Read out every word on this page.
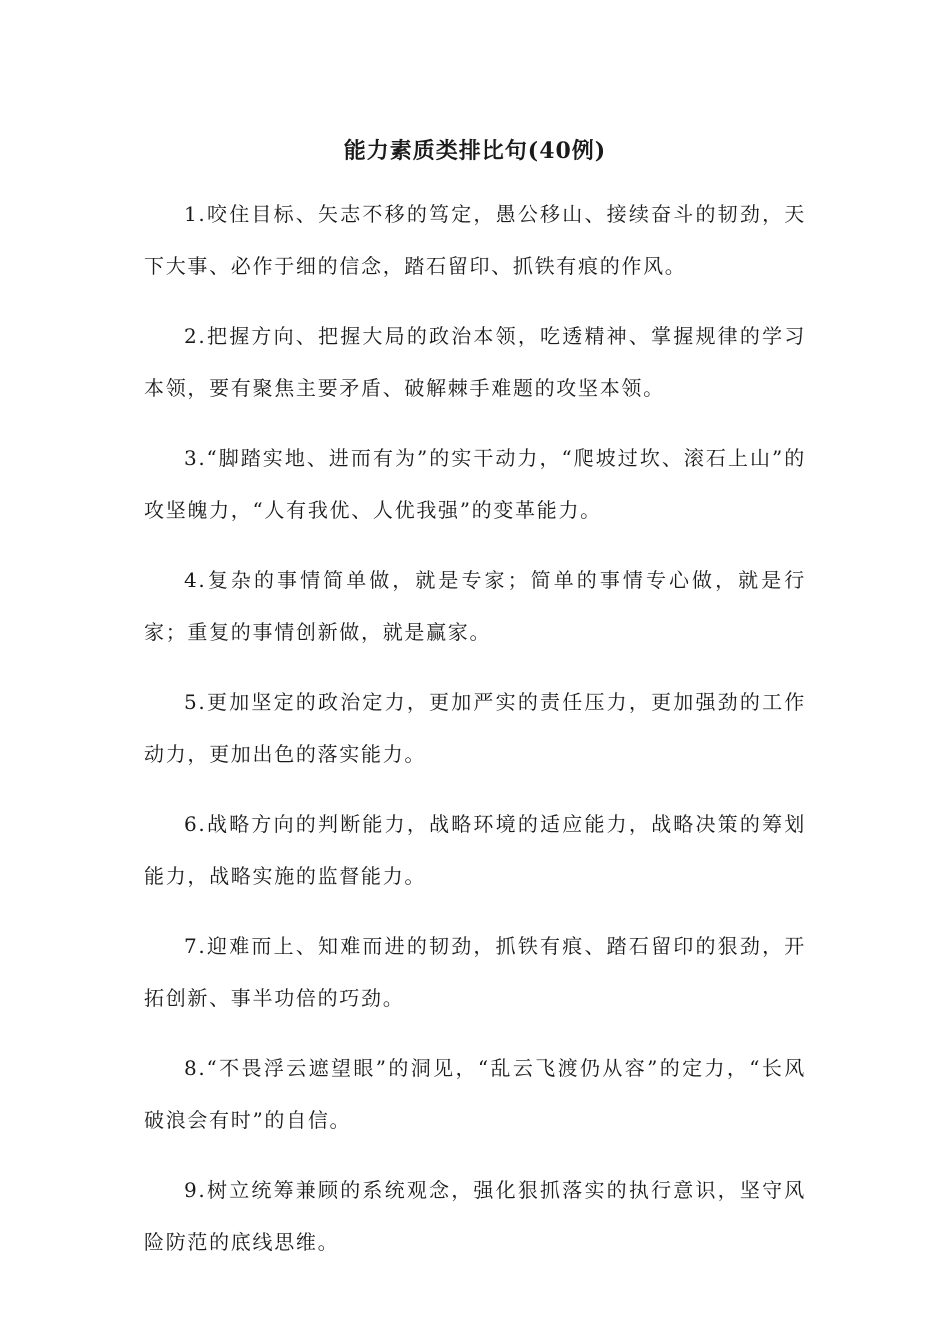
能力素质类排比句(40例)

1.咬住目标、矢志不移的笃定，愚公移山、接续奋斗的韧劲，天下大事、必作于细的信念，踏石留印、抓铁有痕的作风。

2.把握方向、把握大局的政治本领，吃透精神、掌握规律的学习本领，要有聚焦主要矛盾、破解棘手难题的攻坚本领。

3.“脚踏实地、进而有为”的实干动力，“爬坡过坎、滚石上山”的攻坚魄力，“人有我优、人优我强”的变革能力。

4.复杂的事情简单做，就是专家；简单的事情专心做，就是行家；重复的事情创新做，就是赢家。

5.更加坚定的政治定力，更加严实的责任压力，更加强劲的工作动力，更加出色的落实能力。

6.战略方向的判断能力，战略环境的适应能力，战略决策的筹划能力，战略实施的监督能力。

7.迎难而上、知难而进的韧劲，抓铁有痕、踏石留印的狠劲，开拓创新、事半功倍的巧劲。

8.“不畏浮云遮望眼”的洞见，“乱云飞渡仍从容”的定力，“长风破浪会有时”的自信。

9.树立统筹兼顾的系统观念，强化狠抓落实的执行意识，坚守风险防范的底线思维。
